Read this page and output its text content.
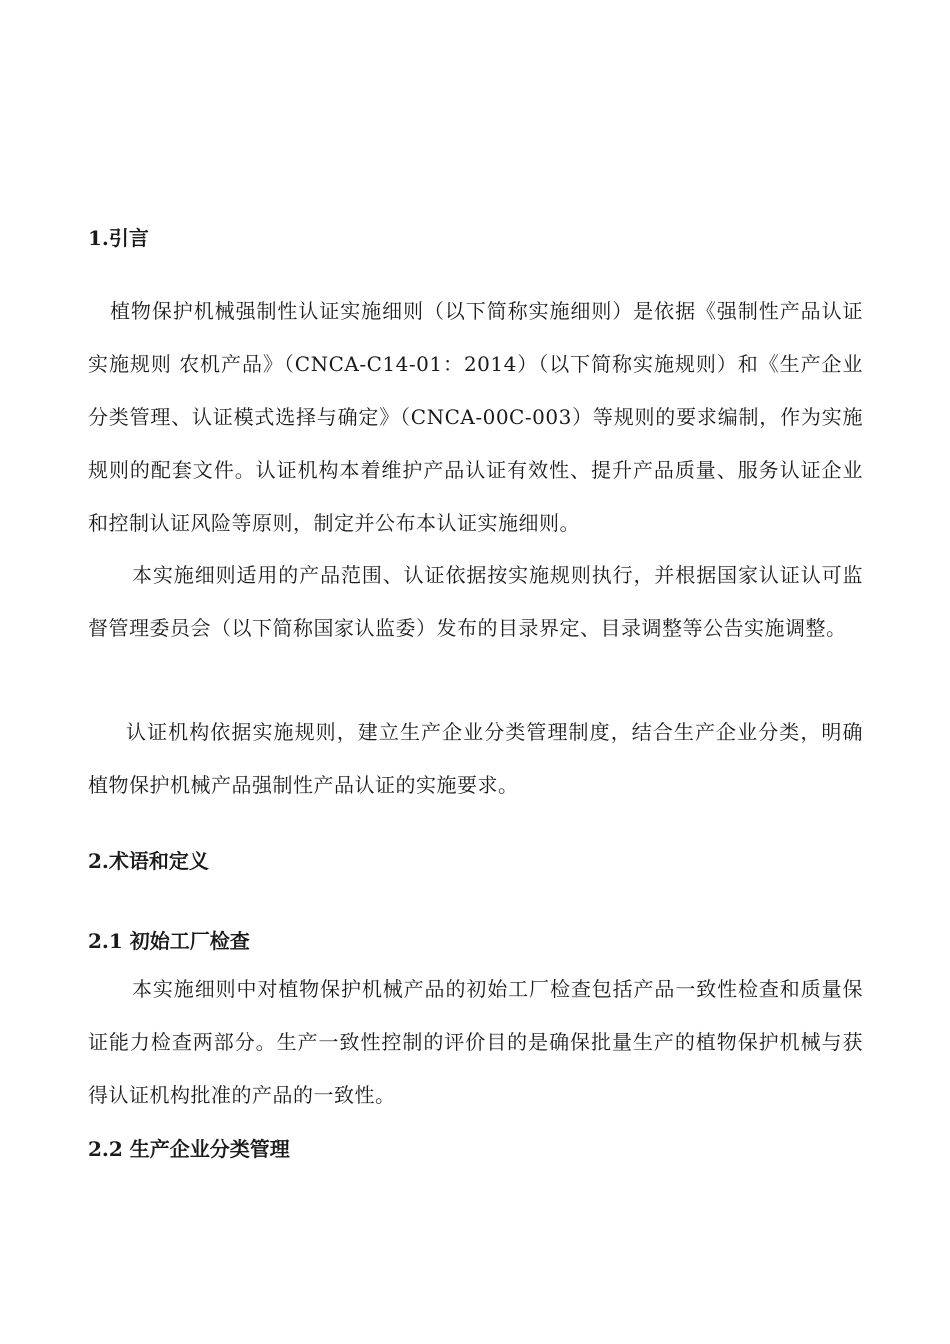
1.引言

植物保护机械强制性认证实施细则（以下简称实施细则）是依据《强制性产品认证实施规则 农机产品》（CNCA-C14-01：2014）（以下简称实施规则）和《生产企业分类管理、认证模式选择与确定》（CNCA-00C-003）等规则的要求编制，作为实施规则的配套文件。认证机构本着维护产品认证有效性、提升产品质量、服务认证企业和控制认证风险等原则，制定并公布本认证实施细则。

本实施细则适用的产品范围、认证依据按实施规则执行，并根据国家认证认可监督管理委员会（以下简称国家认监委）发布的目录界定、目录调整等公告实施调整。

认证机构依据实施规则，建立生产企业分类管理制度，结合生产企业分类，明确植物保护机械产品强制性产品认证的实施要求。

2.术语和定义
2.1 初始工厂检查

本实施细则中对植物保护机械产品的初始工厂检查包括产品一致性检查和质量保证能力检查两部分。生产一致性控制的评价目的是确保批量生产的植物保护机械与获得认证机构批准的产品的一致性。

2.2 生产企业分类管理
